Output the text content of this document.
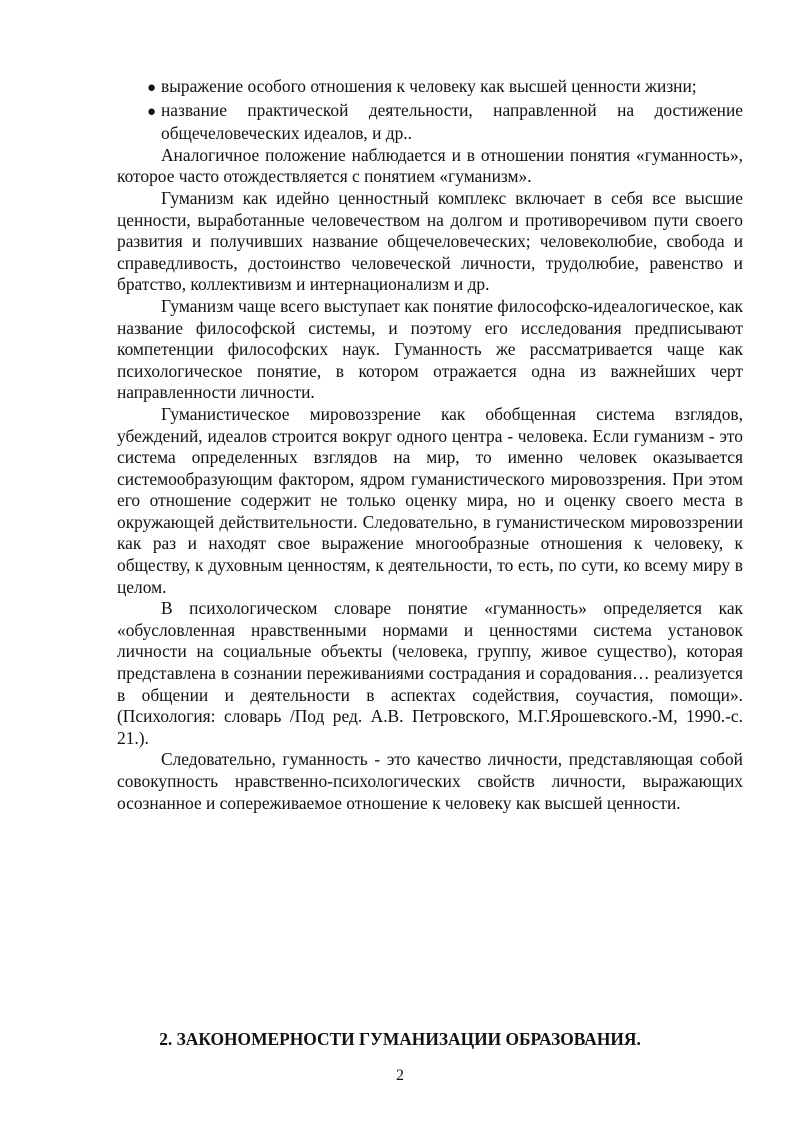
● выражение особого отношения к человеку как высшей ценности жизни;
● название практической деятельности, направленной на достижение общечеловеческих идеалов, и др..

Аналогичное положение наблюдается и в отношении понятия «гуманность», которое часто отождествляется с понятием «гуманизм».

Гуманизм как идейно ценностный комплекс включает в себя все высшие ценности, выработанные человечеством на долгом и противоречивом пути своего развития и получивших название общечеловеческих; человеколюбие, свобода и справедливость, достоинство человеческой личности, трудолюбие, равенство и братство, коллективизм и интернационализм и др.

Гуманизм чаще всего выступает как понятие философско-идеалогическое, как название философской системы, и поэтому его исследования предписывают компетенции философских наук. Гуманность же рассматривается чаще как психологическое понятие, в котором отражается одна из важнейших черт направленности личности.

Гуманистическое мировоззрение как обобщенная система взглядов, убеждений, идеалов строится вокруг одного центра - человека. Если гуманизм - это система определенных взглядов на мир, то именно человек оказывается системообразующим фактором, ядром гуманистического мировоззрения. При этом его отношение содержит не только оценку мира, но и оценку своего места в окружающей действительности. Следовательно, в гуманистическом мировоззрении как раз и находят свое выражение многообразные отношения к человеку, к обществу, к духовным ценностям, к деятельности, то есть, по сути, ко всему миру в целом.

В психологическом словаре понятие «гуманность» определяется как «обусловленная нравственными нормами и ценностями система установок личности на социальные объекты (человека, группу, живое существо), которая представлена в сознании переживаниями сострадания и сорадования… реализуется в общении и деятельности в аспектах содействия, соучастия, помощи». (Психология: словарь /Под ред. А.В. Петровского, М.Г.Ярошевского.-М, 1990.-с. 21.).

Следовательно, гуманность - это качество личности, представляющая собой совокупность нравственно-психологических свойств личности, выражающих осознанное и сопереживаемое отношение к человеку как высшей ценности.

2. ЗАКОНОМЕРНОСТИ ГУМАНИЗАЦИИ ОБРАЗОВАНИЯ.
2
